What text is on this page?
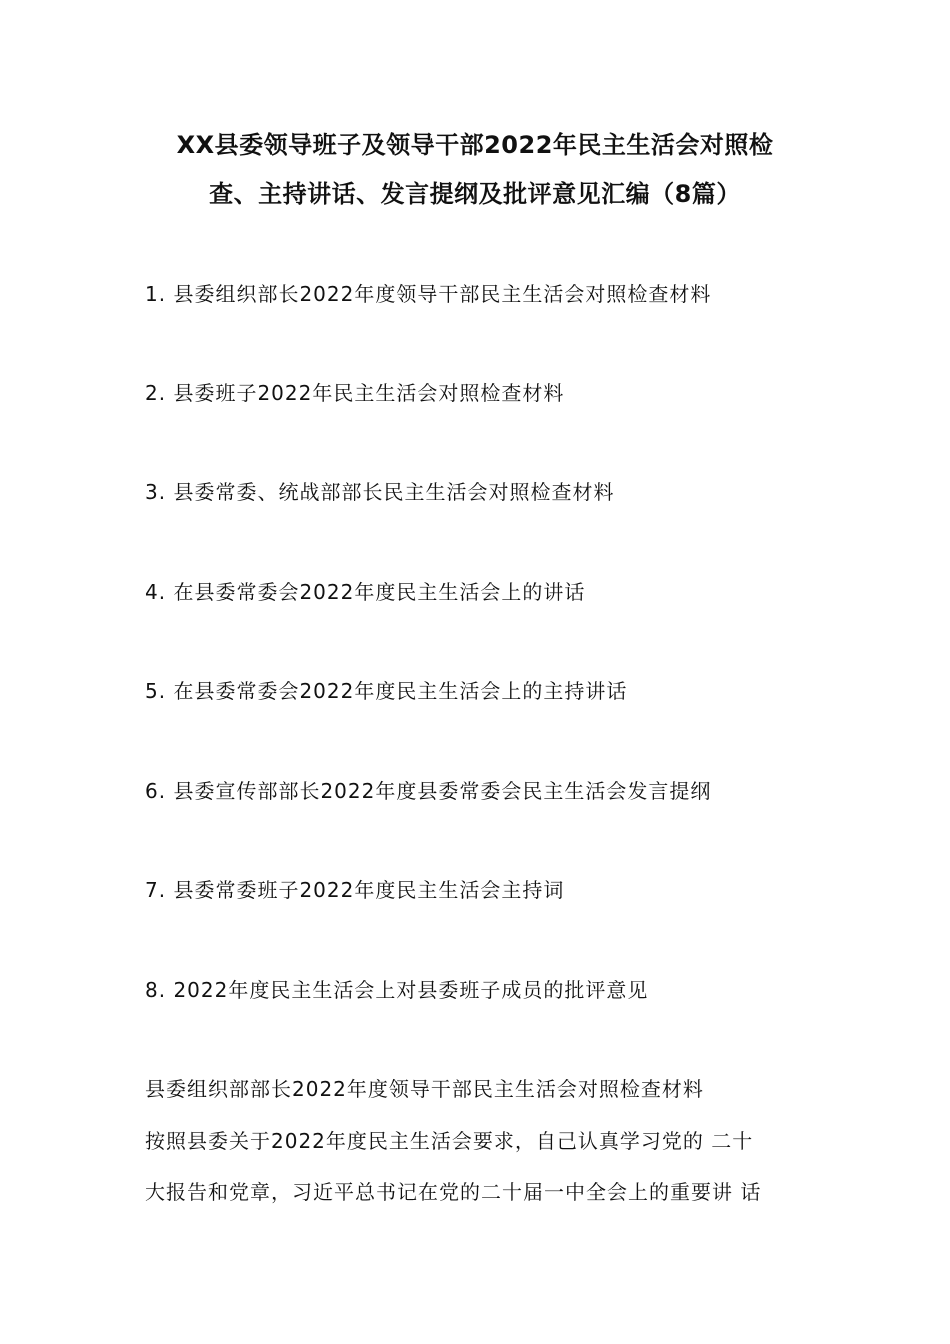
XX县委领导班子及领导干部2022年民主生活会对照检
查、主持讲话、发言提纲及批评意见汇编（8篇）
1. 县委组织部长2022年度领导干部民主生活会对照检查材料
2. 县委班子2022年民主生活会对照检查材料
3. 县委常委、统战部部长民主生活会对照检查材料
4. 在县委常委会2022年度民主生活会上的讲话
5. 在县委常委会2022年度民主生活会上的主持讲话
6. 县委宣传部部长2022年度县委常委会民主生活会发言提纲
7. 县委常委班子2022年度民主生活会主持词
8. 2022年度民主生活会上对县委班子成员的批评意见
县委组织部部长2022年度领导干部民主生活会对照检查材料
按照县委关于2022年度民主生活会要求，自己认真学习党的 二十
大报告和党章，习近平总书记在党的二十届一中全会上的重要讲 话
